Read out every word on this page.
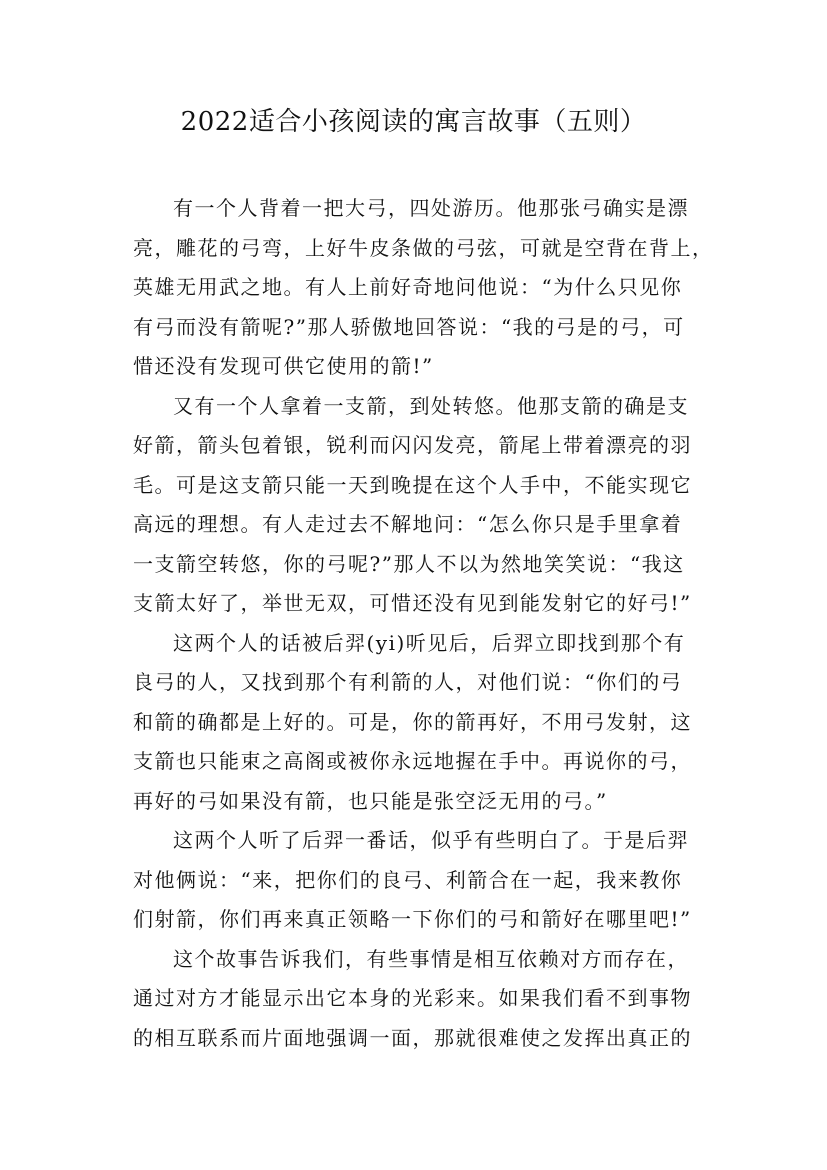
2022适合小孩阅读的寓言故事（五则）
有一个人背着一把大弓，四处游历。他那张弓确实是漂
亮，雕花的弓弯，上好牛皮条做的弓弦，可就是空背在背上，
英雄无用武之地。有人上前好奇地问他说：“为什么只见你
有弓而没有箭呢?”那人骄傲地回答说：“我的弓是的弓，可
惜还没有发现可供它使用的箭!”
又有一个人拿着一支箭，到处转悠。他那支箭的确是支
好箭，箭头包着银，锐利而闪闪发亮，箭尾上带着漂亮的羽
毛。可是这支箭只能一天到晚提在这个人手中，不能实现它
高远的理想。有人走过去不解地问：“怎么你只是手里拿着
一支箭空转悠，你的弓呢?”那人不以为然地笑笑说：“我这
支箭太好了，举世无双，可惜还没有见到能发射它的好弓!”
这两个人的话被后羿(yi)听见后，后羿立即找到那个有
良弓的人，又找到那个有利箭的人，对他们说：“你们的弓
和箭的确都是上好的。可是，你的箭再好，不用弓发射，这
支箭也只能束之高阁或被你永远地握在手中。再说你的弓，
再好的弓如果没有箭，也只能是张空泛无用的弓。”
这两个人听了后羿一番话，似乎有些明白了。于是后羿
对他俩说：“来，把你们的良弓、利箭合在一起，我来教你
们射箭，你们再来真正领略一下你们的弓和箭好在哪里吧!”
这个故事告诉我们，有些事情是相互依赖对方而存在，
通过对方才能显示出它本身的光彩来。如果我们看不到事物
的相互联系而片面地强调一面，那就很难使之发挥出真正的
